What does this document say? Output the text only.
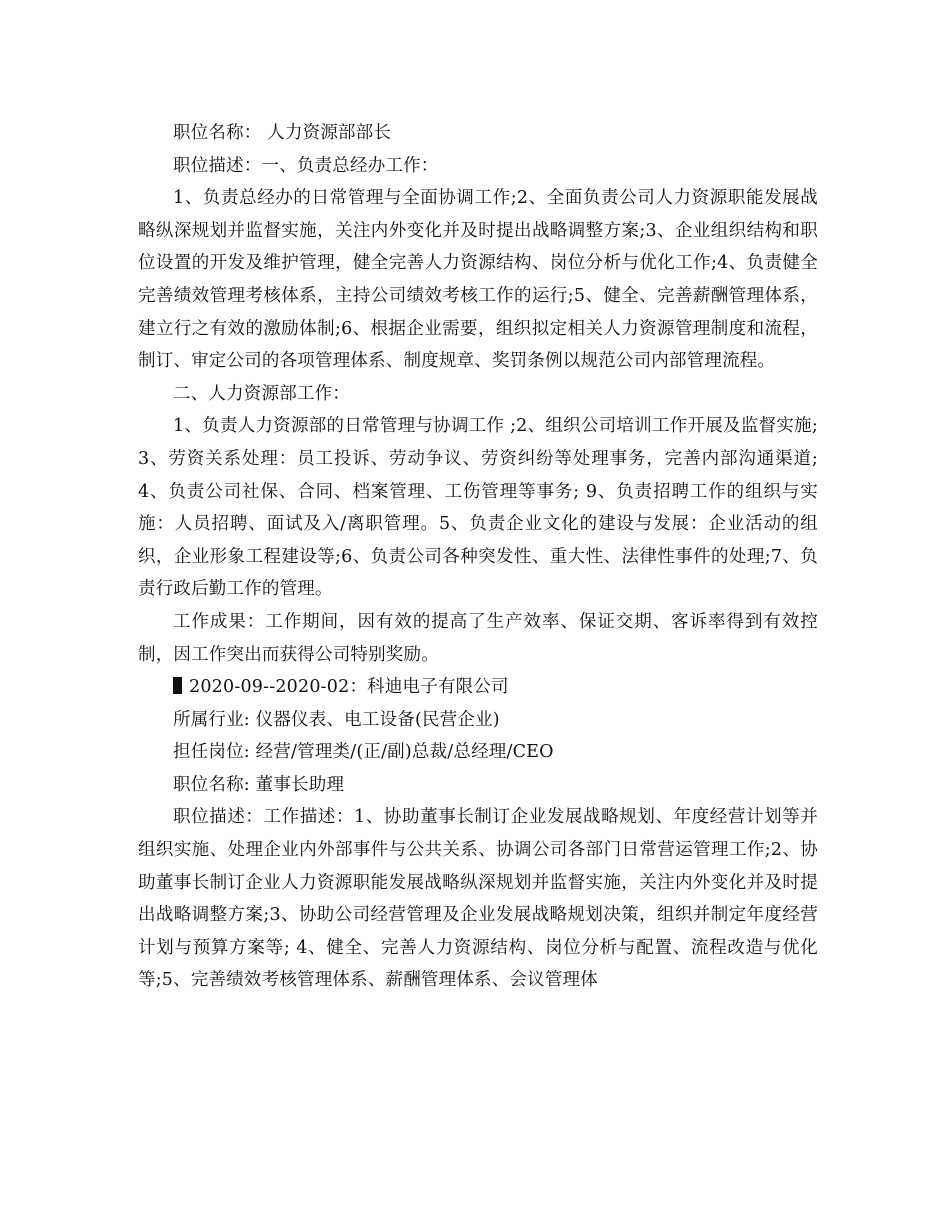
职位名称： 人力资源部部长

职位描述：一、负责总经办工作：

1、负责总经办的日常管理与全面协调工作;2、全面负责公司人力资源职能发展战略纵深规划并监督实施，关注内外变化并及时提出战略调整方案;3、企业组织结构和职位设置的开发及维护管理，健全完善人力资源结构、岗位分析与优化工作;4、负责健全完善绩效管理考核体系，主持公司绩效考核工作的运行;5、健全、完善薪酬管理体系，建立行之有效的激励体制;6、根据企业需要，组织拟定相关人力资源管理制度和流程，制订、审定公司的各项管理体系、制度规章、奖罚条例以规范公司内部管理流程。

二、人力资源部工作：

1、负责人力资源部的日常管理与协调工作 ;2、组织公司培训工作开展及监督实施;3、劳资关系处理：员工投诉、劳动争议、劳资纠纷等处理事务，完善内部沟通渠道;4、负责公司社保、合同、档案管理、工伤管理等事务; 9、负责招聘工作的组织与实施：人员招聘、面试及入/离职管理。5、负责企业文化的建设与发展：企业活动的组织，企业形象工程建设等;6、负责公司各种突发性、重大性、法律性事件的处理;7、负责行政后勤工作的管理。

工作成果：工作期间，因有效的提高了生产效率、保证交期、客诉率得到有效控制，因工作突出而获得公司特别奖励。

2020-09--2020-02：科迪电子有限公司

所属行业: 仪器仪表、电工设备(民营企业)

担任岗位: 经营/管理类/(正/副)总裁/总经理/CEO

职位名称: 董事长助理

职位描述：工作描述：1、协助董事长制订企业发展战略规划、年度经营计划等并组织实施、处理企业内外部事件与公共关系、协调公司各部门日常营运管理工作;2、协助董事长制订企业人力资源职能发展战略纵深规划并监督实施，关注内外变化并及时提出战略调整方案;3、协助公司经营管理及企业发展战略规划决策，组织并制定年度经营计划与预算方案等; 4、健全、完善人力资源结构、岗位分析与配置、流程改造与优化等;5、完善绩效考核管理体系、薪酬管理体系、会议管理体
